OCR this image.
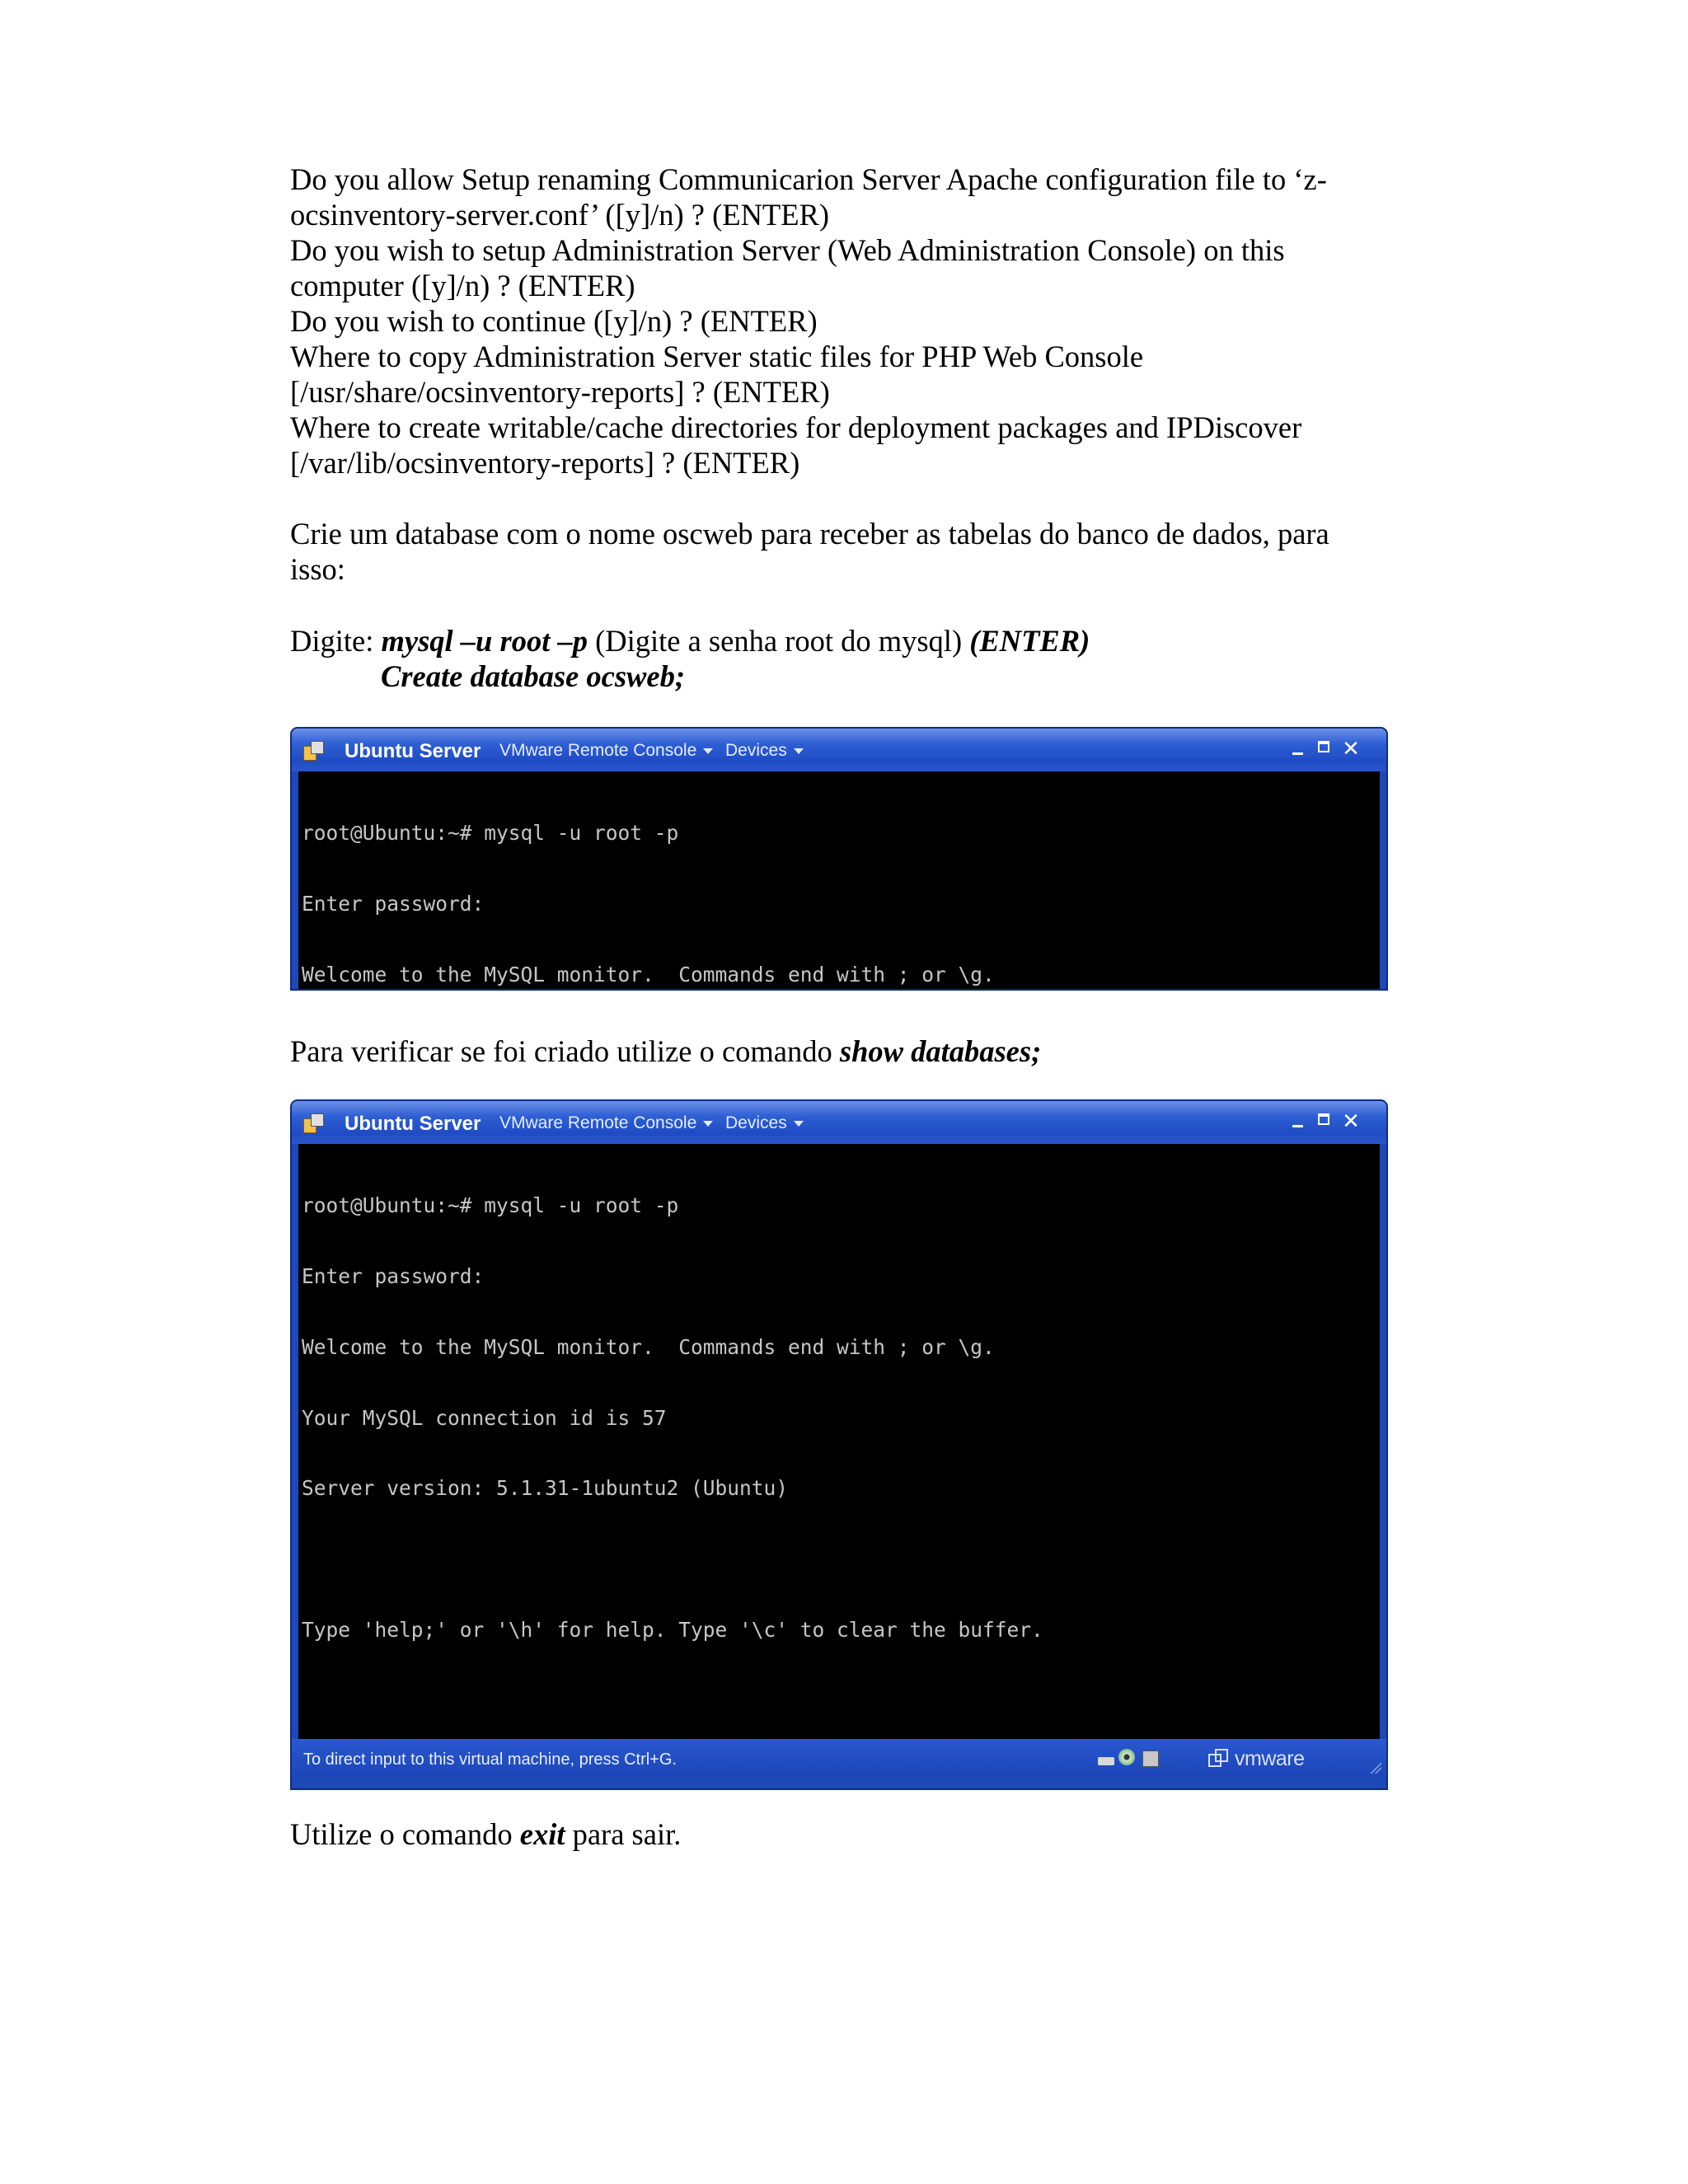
Do you allow Setup renaming Communicarion Server Apache configuration file to ‘z-
ocsinventory-server.conf’ ([y]/n) ? (ENTER)
Do you wish to setup Administration Server (Web Administration Console) on this
computer ([y]/n) ? (ENTER)
Do you wish to continue ([y]/n) ? (ENTER)
Where to copy Administration Server static files for PHP Web Console
[/usr/share/ocsinventory-reports] ? (ENTER)
Where to create writable/cache directories for deployment packages and IPDiscover
[/var/lib/ocsinventory-reports] ? (ENTER)
Crie um database com o nome oscweb para receber as tabelas do banco de dados, para
isso:
Digite: mysql –u root –p (Digite a senha root do mysql) (ENTER)
Create database ocsweb;
Ubuntu Server VMware Remote Console	Devices	✕

root@Ubuntu:~# mysql -u root -p

Enter password:

Welcome to the MySQL monitor.  Commands end with ; or \g.

Para verificar se foi criado utilize o comando show databases;
Ubuntu Server VMware Remote Console	Devices	✕

root@Ubuntu:~# mysql -u root -p

Enter password:

Welcome to the MySQL monitor.  Commands end with ; or \g.

Your MySQL connection id is 57

Server version: 5.1.31-1ubuntu2 (Ubuntu)

Type 'help;' or '\h' for help. Type '\c' to clear the buffer.

To direct input to this virtual machine, press Ctrl+G.	vmware
Utilize o comando exit para sair.
